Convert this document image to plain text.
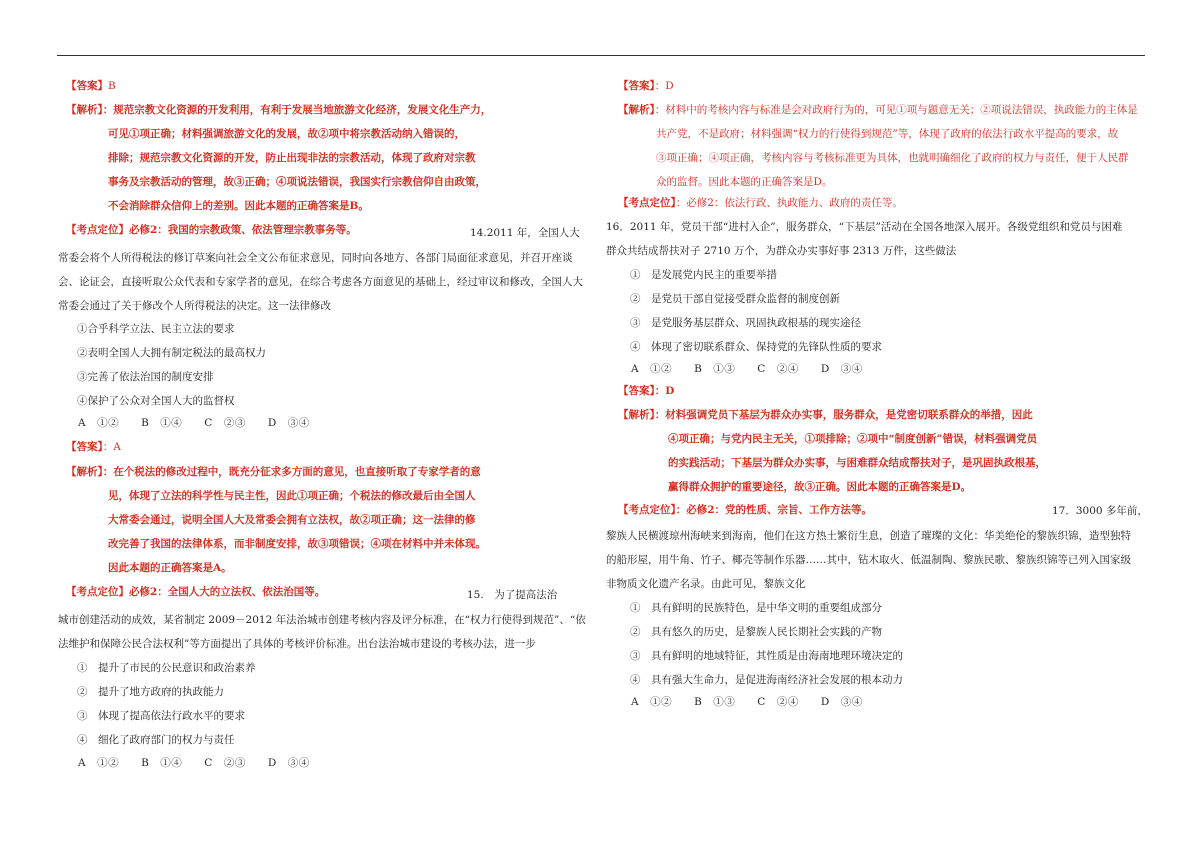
【答案】B
【解析】：规范宗教文化资源的开发利用，有利于发展当地旅游文化经济，发展文化生产力，
可见①项正确；材料强调旅游文化的发展，故②项中将宗教活动纳入错误的，
排除；规范宗教文化资源的开发，防止出现非法的宗教活动，体现了政府对宗教
事务及宗教活动的管理，故③正确；④项说法错误，我国实行宗教信仰自由政策，
不会消除群众信仰上的差别。因此本题的正确答案是B。
【考点定位】必修2：我国的宗教政策、依法管理宗教事务等。	14.2011 年，全国人大
常委会将个人所得税法的修订草案向社会全文公布征求意见，同时向各地方、各部门局面征求意见，并召开座谈
会、论证会，直接听取公众代表和专家学者的意见，在综合考虑各方面意见的基础上，经过审议和修改，全国人大
常委会通过了关于修改个人所得税法的决定。这一法律修改
①合乎科学立法、民主立法的要求
②表明全国人大拥有制定税法的最高权力
③完善了依法治国的制度安排
④保护了公众对全国人大的监督权
A　①②　　B　①④　　C　②③　　D　③④
【答案】：A
【解析】：在个税法的修改过程中，既充分征求多方面的意见，也直接听取了专家学者的意
见，体现了立法的科学性与民主性，因此①项正确；个税法的修改最后由全国人
大常委会通过，说明全国人大及常委会拥有立法权，故②项正确；这一法律的修
改完善了我国的法律体系，而非制度安排，故③项错误；④项在材料中并未体现。
因此本题的正确答案是A。
【考点定位】必修2：全国人大的立法权、依法治国等。	15.　为了提高法治
城市创建活动的成效，某省制定 2009－2012 年法治城市创建考核内容及评分标准，在“权力行使得到规范”、“依
法维护和保障公民合法权利”等方面提出了具体的考核评价标准。出台法治城市建设的考核办法，进一步
①　提升了市民的公民意识和政治素养
②　提升了地方政府的执政能力
③　体现了提高依法行政水平的要求
④　细化了政府部门的权力与责任
A　①②　　B　①④　　C　②③　　D　③④
【答案】：D
【解析】：材料中的考核内容与标准是会对政府行为的，可见①项与题意无关；②项说法错误，执政能力的主体是
共产党，不是政府；材料强调“权力的行使得到规范”等，体现了政府的依法行政水平提高的要求，故
③项正确；④项正确，考核内容与考核标准更为具体，也就明确细化了政府的权力与责任，便于人民群
众的监督。因此本题的正确答案是D。
【考点定位】：必修2：依法行政、执政能力、政府的责任等。
16．2011 年，党员干部“进村入企”，服务群众，“下基层”活动在全国各地深入展开。各级党组织和党员与困难
群众共结成帮扶对子 2710 万个，为群众办实事好事 2313 万件，这些做法
①　是发展党内民主的重要举措
②　是党员干部自觉接受群众监督的制度创新
③　是党服务基层群众、巩固执政根基的现实途径
④　体现了密切联系群众、保持党的先锋队性质的要求
A　①②　　B　①③　　C　②④　　D　③④
【答案】：D
【解析】：材料强调党员下基层为群众办实事，服务群众，是党密切联系群众的举措，因此
④项正确；与党内民主无关，①项排除；②项中“制度创新”错误，材料强调党员
的实践活动；下基层为群众办实事，与困难群众结成帮扶对子，是巩固执政根基，
赢得群众拥护的重要途径，故③正确。因此本题的正确答案是D。
【考点定位】：必修2：党的性质、宗旨、工作方法等。	17．3000 多年前，
黎族人民横渡琼州海峡来到海南，他们在这方热土繁衍生息，创造了璀璨的文化：华美绝伦的黎族织锦，造型独特
的船形屋，用牛角、竹子、椰壳等制作乐器……其中，钻木取火、低温制陶、黎族民歌、黎族织锦等已列入国家级
非物质文化遗产名录。由此可见，黎族文化
①　具有鲜明的民族特色，是中华文明的重要组成部分
②　具有悠久的历史，是黎族人民长期社会实践的产物
③　具有鲜明的地域特征，其性质是由海南地理环境决定的
④　具有强大生命力，是促进海南经济社会发展的根本动力
A　①②　　B　①③　　C　②④　　D　③④
